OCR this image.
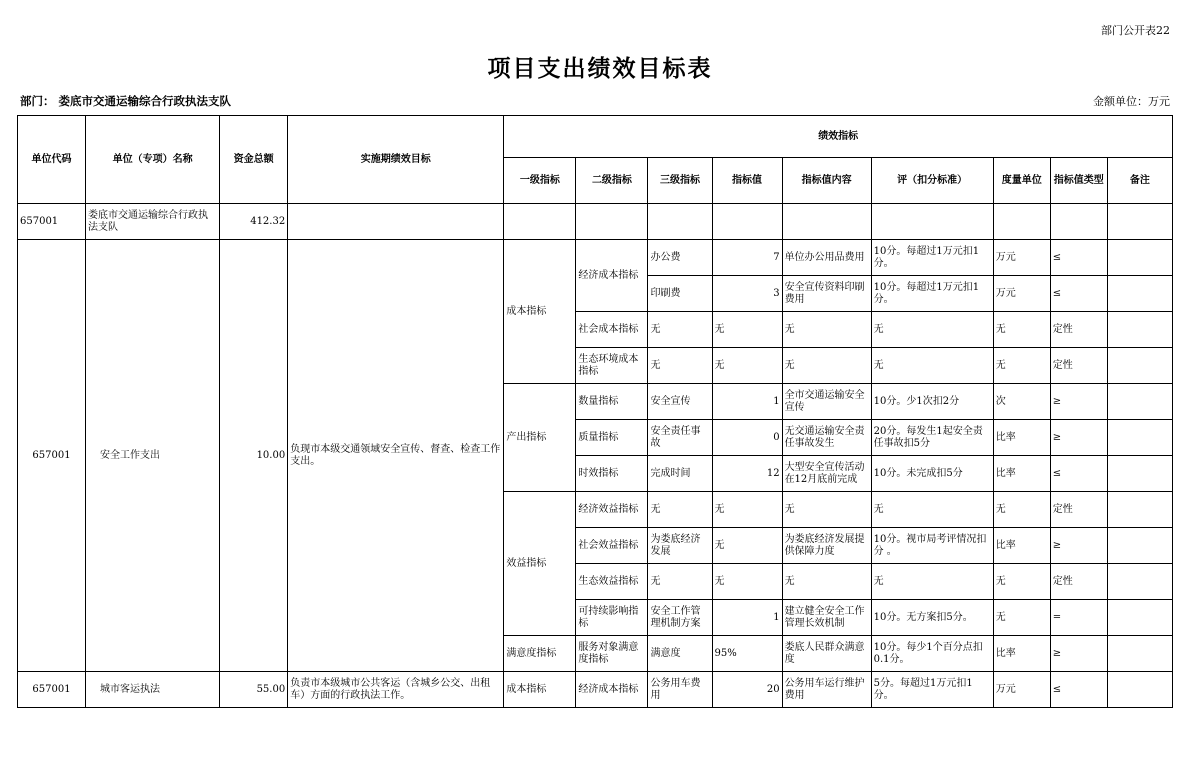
部门公开表22
项目支出绩效目标表
部门： 娄底市交通运输综合行政执法支队	金额单位：万元
单位代码	单位（专项）名称	资金总额	实施期绩效目标	绩效指标								
				一级指标	二级指标	三级指标	指标值	指标值内容	评（扣分标准）	度量单位	指标值类型	备注
657001	娄底市交通运输综合行政执法支队	412.32										
657001	安全工作支出	10.00	负现市本级交通领域安全宣传、督查、检查工作支出。	成本指标	经济成本指标	办公费	7	单位办公用品费用	10分。每超过1万元扣1分。	万元	≤	
						印刷费	3	安全宣传资料印刷费用	10分。每超过1万元扣1分。	万元	≤	
					社会成本指标	无	无	无	无	无	定性	
					生态环境成本指标	无	无	无	无	无	定性	
				产出指标	数量指标	安全宣传	1	全市交通运输安全宣传	10分。少1次扣2分	次	≥	
					质量指标	安全责任事故	0	无交通运输安全责任事故发生	20分。每发生1起安全责任事故扣5分	比率	≥	
					时效指标	完成时间	12	大型安全宣传活动在12月底前完成	10分。未完成扣5分	比率	≤	
				效益指标	经济效益指标	无	无	无	无	无	定性	
					社会效益指标	为娄底经济发展	无	为娄底经济发展提供保障力度	10分。视市局考评情况扣分 。	比率	≥	
					生态效益指标	无	无	无	无	无	定性	
					可持续影响指标	安全工作管理机制方案	1	建立健全安全工作管理长效机制	10分。无方案扣5分。	无	=	
				满意度指标	服务对象满意度指标	满意度	95%	娄底人民群众满意度	10分。每少1个百分点扣0.1分。	比率	≥	
657001	城市客运执法	55.00	负责市本级城市公共客运（含城乡公交、出租车）方面的行政执法工作。	成本指标	经济成本指标	公务用车费用	20	公务用车运行维护费用	5分。每超过1万元扣1分。	万元	≤	
